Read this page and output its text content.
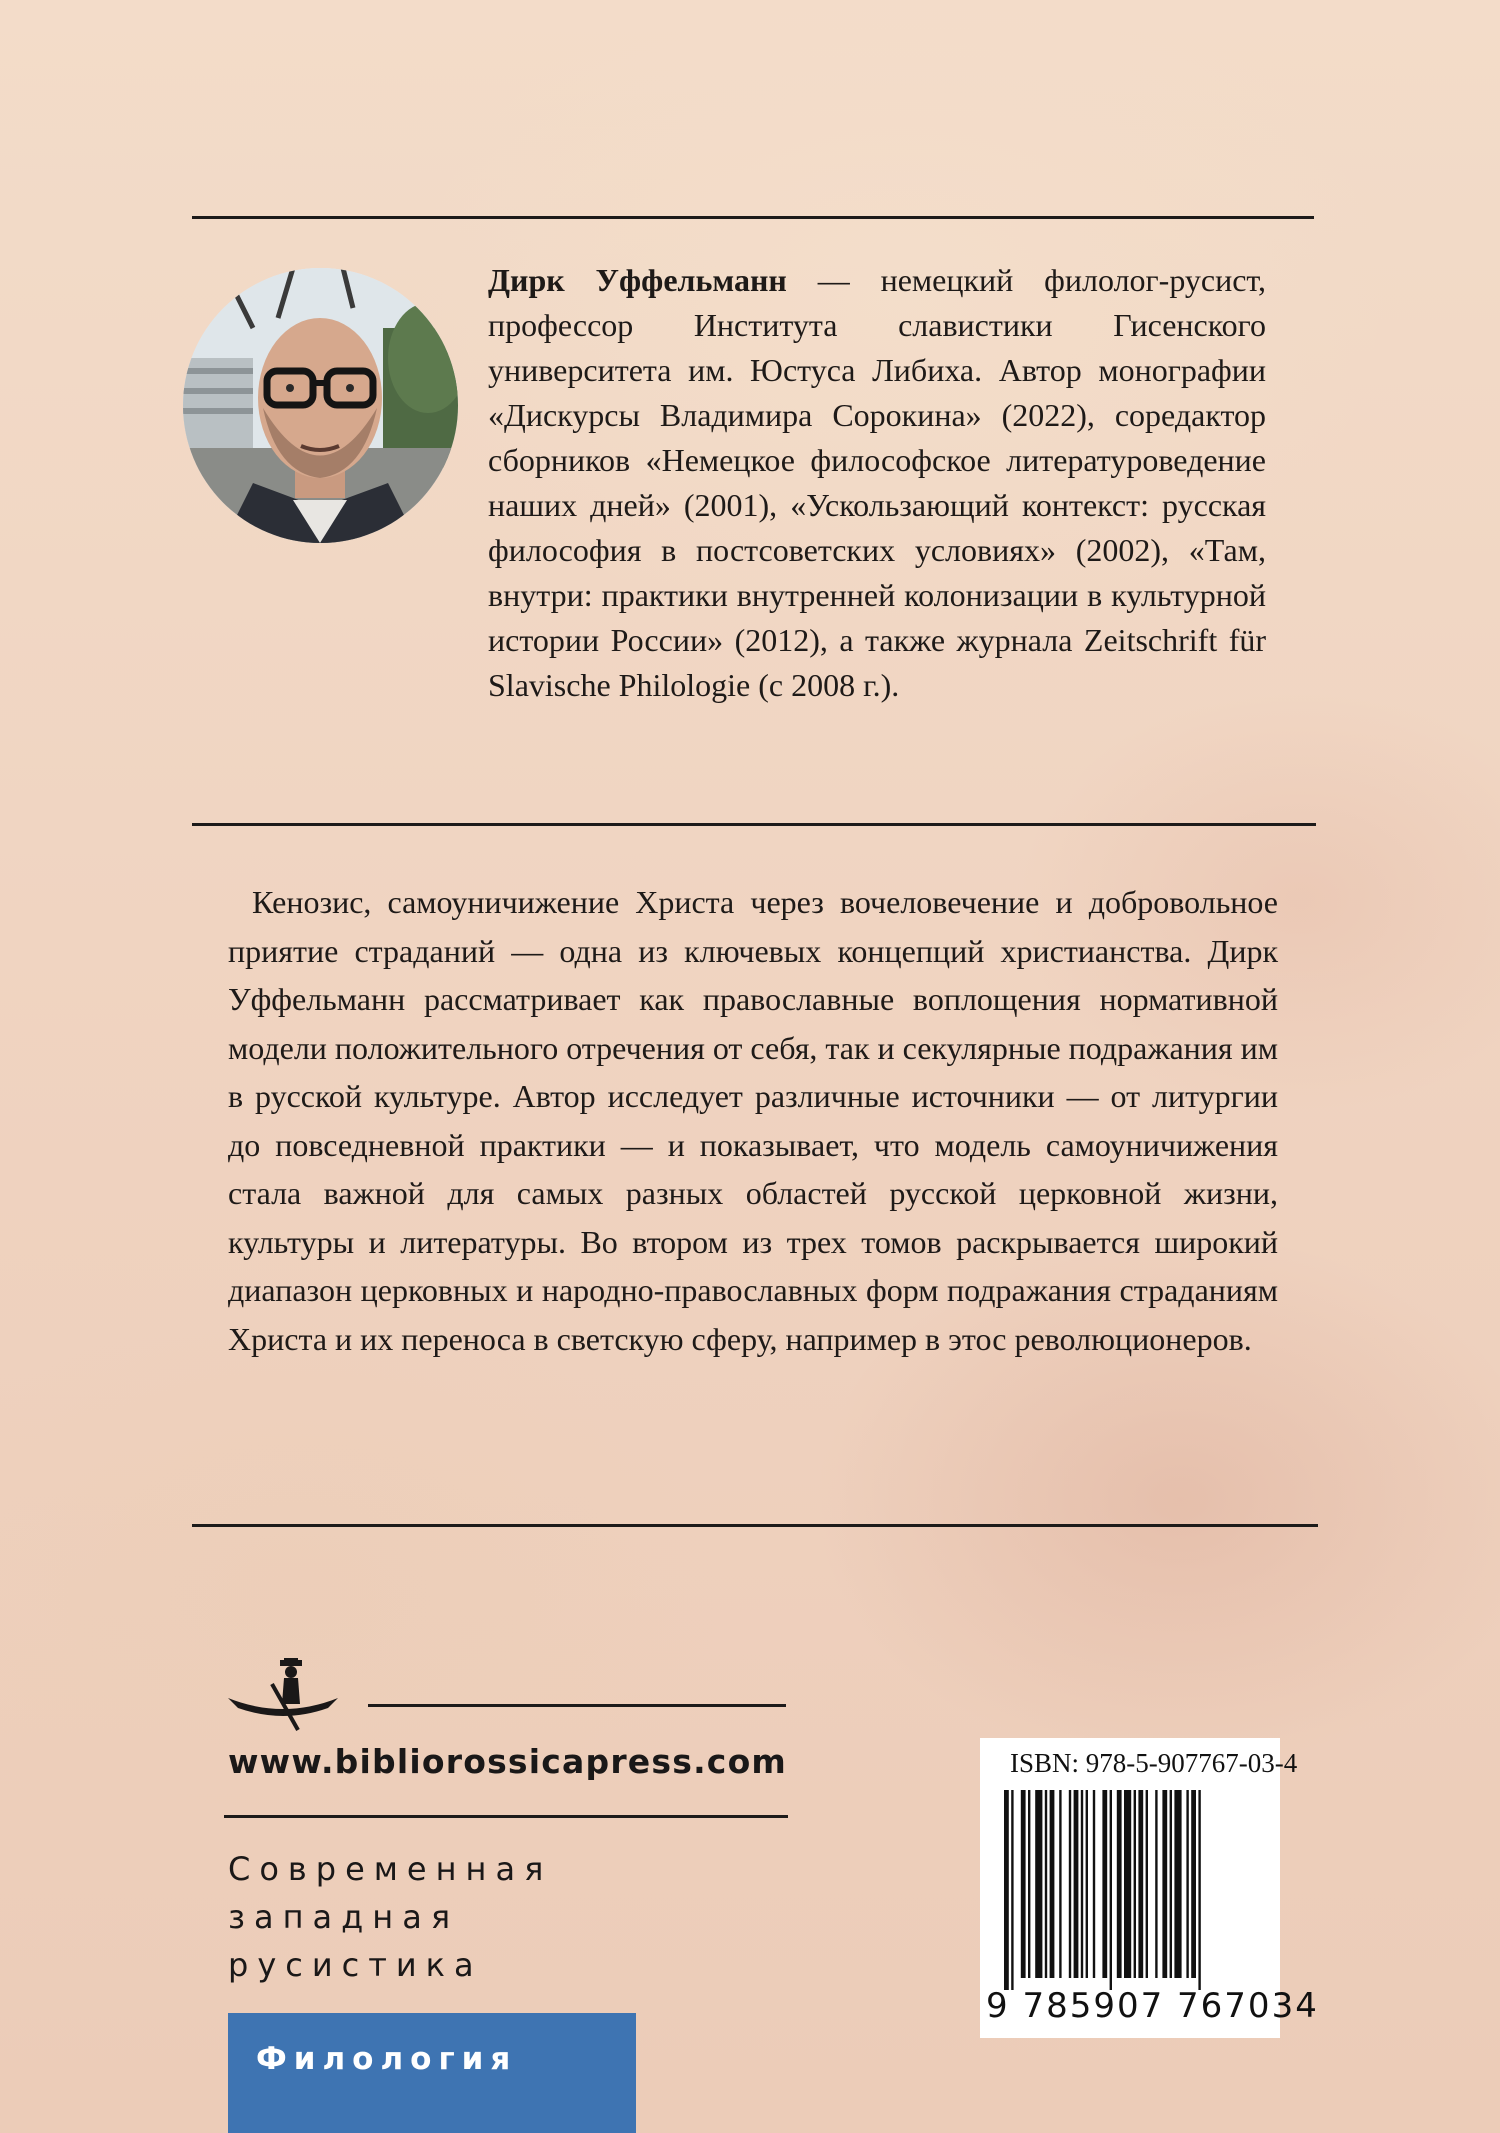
Дирк Уффельманн — немецкий филолог-русист, профессор Института славистики Гисенского университета им. Юстуса Либиха. Автор монографии «Дискурсы Владимира Сорокина» (2022), соредактор сборников «Немецкое философское литературоведение наших дней» (2001), «Ускользающий контекст: русская философия в постсоветских условиях» (2002), «Там, внутри: практики внутренней колонизации в культурной истории России» (2012), а также журнала Zeitschrift für Slavische Philologie (с 2008 г.).

Кенозис, самоуничижение Христа через вочеловечение и добровольное приятие страданий — одна из ключевых концепций христианства. Дирк Уффельманн рассматривает как православные воплощения нормативной модели положительного отречения от себя, так и секулярные подражания им в русской культуре. Автор исследует различные источники — от литургии до повседневной практики — и показывает, что модель самоуничижения стала важной для самых разных областей русской церковной жизни, культуры и литературы. Во втором из трех томов раскрывается широкий диапазон церковных и народно-православных форм подражания страданиям Христа и их переноса в светскую сферу, например в этос революционеров.

www.bibliorossicapress.com
Современная
западная
русистика
Филология
ISBN: 978-5-907767-03-4
9 785907 767034
